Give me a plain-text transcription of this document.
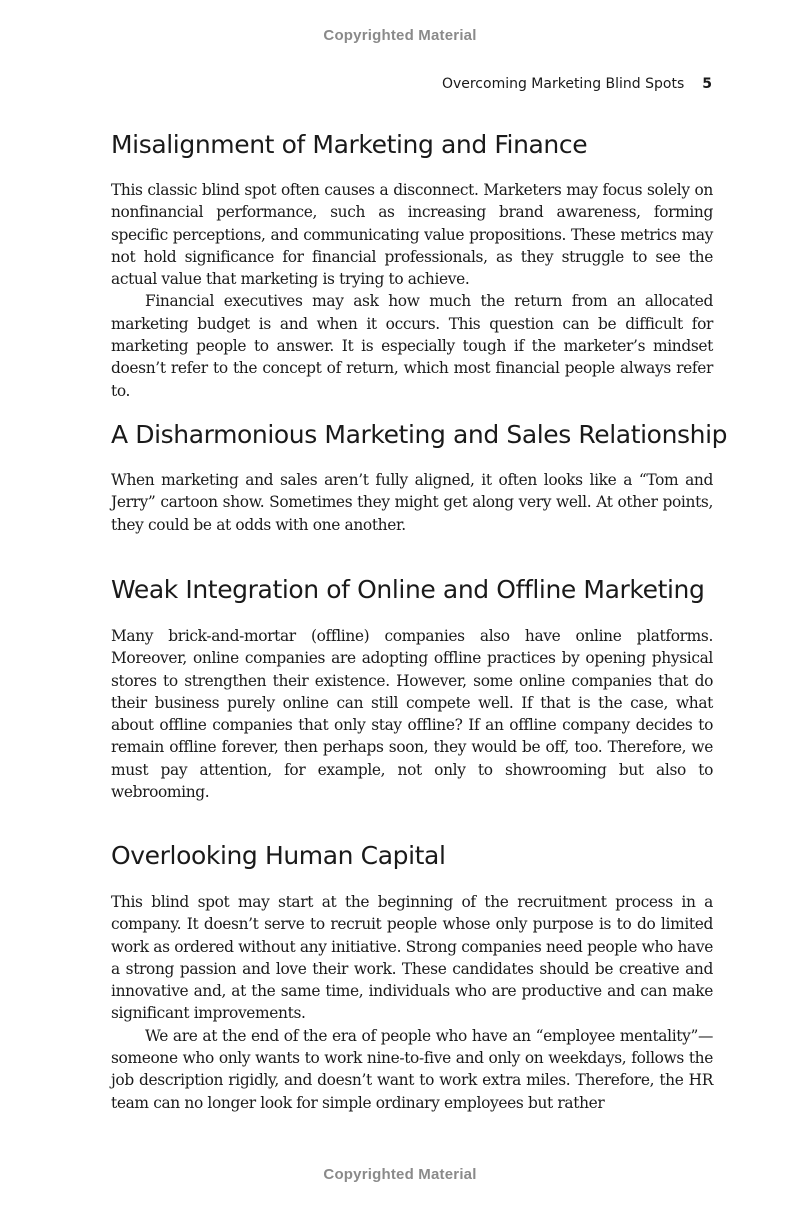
Copyrighted Material
Overcoming Marketing Blind Spots 5
Misalignment of Marketing and Finance

This classic blind spot often causes a disconnect. Marketers may focus solely on nonfinancial performance, such as increasing brand awareness, forming specific perceptions, and communicating value propositions. These metrics may not hold significance for financial professionals, as they struggle to see the actual value that marketing is trying to achieve.

Financial executives may ask how much the return from an allocated marketing budget is and when it occurs. This question can be difficult for marketing people to answer. It is especially tough if the marketer’s mindset doesn’t refer to the concept of return, which most financial people always refer to.

A Disharmonious Marketing and Sales Relationship

When marketing and sales aren’t fully aligned, it often looks like a “Tom and Jerry” cartoon show. Sometimes they might get along very well. At other points, they could be at odds with one another.

Weak Integration of Online and Offline Marketing

Many brick-and-mortar (offline) companies also have online platforms. Moreover, online companies are adopting offline practices by opening physical stores to strengthen their existence. However, some online companies that do their business purely online can still compete well. If that is the case, what about offline companies that only stay offline? If an offline company decides to remain offline forever, then perhaps soon, they would be off, too. Therefore, we must pay attention, for example, not only to showrooming but also to webrooming.

Overlooking Human Capital

This blind spot may start at the beginning of the recruitment process in a company. It doesn’t serve to recruit people whose only purpose is to do limited work as ordered without any initiative. Strong companies need people who have a strong passion and love their work. These candidates should be creative and innovative and, at the same time, individuals who are productive and can make significant improvements.

We are at the end of the era of people who have an “employee mentality”—someone who only wants to work nine-to-five and only on weekdays, follows the job description rigidly, and doesn’t want to work extra miles. Therefore, the HR team can no longer look for simple ordinary employees but rather

Copyrighted Material
